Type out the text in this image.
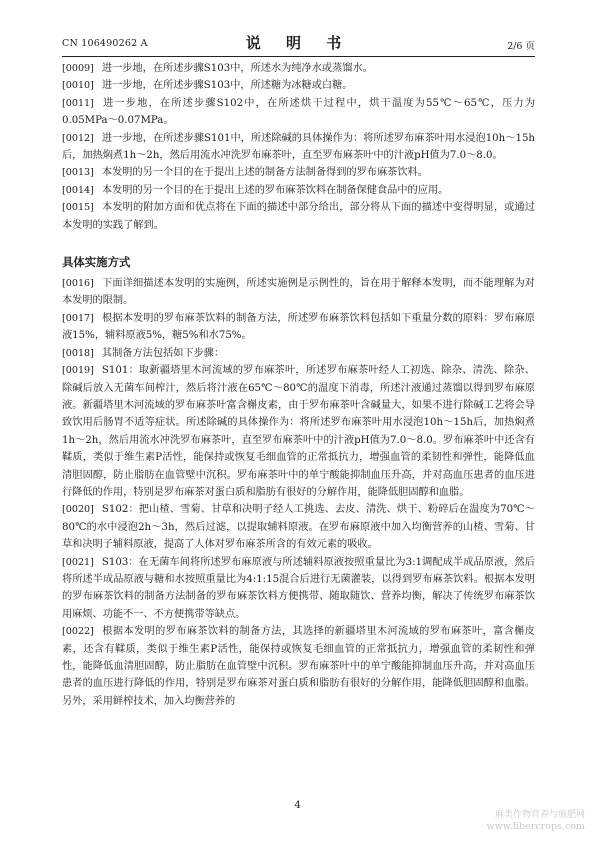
CN 106490262 A	说 明 书	2/6 页

[0009] 进一步地，在所述步骤S103中，所述水为纯净水或蒸馏水。

[0010] 进一步地，在所述步骤S103中，所述糖为冰糖或白糖。

[0011] 进一步地，在所述步骤S102中，在所述烘干过程中，烘干温度为55℃～65℃，压力为0.05MPa～0.07MPa。

[0012] 进一步地，在所述步骤S101中，所述除碱的具体操作为：将所述罗布麻茶叶用水浸泡10h～15h后，加热焖煮1h～2h，然后用流水冲洗罗布麻茶叶，直至罗布麻茶叶中的汁液pH值为7.0～8.0。

[0013] 本发明的另一个目的在于提出上述的制备方法制备得到的罗布麻茶饮料。

[0014] 本发明的另一个目的在于提出上述的罗布麻茶饮料在制备保健食品中的应用。

[0015] 本发明的附加方面和优点将在下面的描述中部分给出，部分将从下面的描述中变得明显，或通过本发明的实践了解到。

具体实施方式

[0016] 下面详细描述本发明的实施例，所述实施例是示例性的，旨在用于解释本发明，而不能理解为对本发明的限制。

[0017] 根据本发明的罗布麻茶饮料的制备方法，所述罗布麻茶饮料包括如下重量分数的原料：罗布麻原液15%，辅料原液5%，糖5%和水75%。

[0018] 其制备方法包括如下步骤：

[0019] S101：取新疆塔里木河流域的罗布麻茶叶，所述罗布麻茶叶经人工初选、除杂、清洗、除杂、除碱后放入无菌车间榨汁，然后将汁液在65℃～80℃的温度下消毒，所述汁液通过蒸馏以得到罗布麻原液。新疆塔里木河流域的罗布麻茶叶富含槲皮素，由于罗布麻茶叶含碱量大，如果不进行除碱工艺将会导致饮用后肠胃不适等症状。所述除碱的具体操作为：将所述罗布麻茶叶用水浸泡10h～15h后，加热焖煮1h～2h，然后用流水冲洗罗布麻茶叶，直至罗布麻茶叶中的汁液pH值为7.0～8.0。罗布麻茶叶中还含有鞣质，类似于维生素P活性，能保持或恢复毛细血管的正常抵抗力，增强血管的柔韧性和弹性，能降低血清胆固醇，防止脂肪在血管壁中沉积。罗布麻茶叶中的单宁酸能抑制血压升高，并对高血压患者的血压进行降低的作用，特别是罗布麻茶对蛋白质和脂肪有很好的分解作用，能降低胆固醇和血脂。

[0020] S102：把山楂、雪菊、甘草和决明子经人工挑选、去皮、清洗、烘干、粉碎后在温度为70℃～80℃的水中浸泡2h～3h，然后过滤，以提取辅料原液。在罗布麻原液中加入均衡营养的山楂、雪菊、甘草和决明子辅料原液，提高了人体对罗布麻茶所含的有效元素的吸收。

[0021] S103：在无菌车间将所述罗布麻原液与所述辅料原液按照重量比为3:1调配成半成品原液，然后将所述半成品原液与糖和水按照重量比为4:1:15混合后进行无菌灌装，以得到罗布麻茶饮料。根据本发明的罗布麻茶饮料的制备方法制备的罗布麻茶饮料方便携带、随取随饮、营养均衡，解决了传统罗布麻茶饮用麻烦、功能不一、不方便携带等缺点。

[0022] 根据本发明的罗布麻茶饮料的制备方法，其选择的新疆塔里木河流域的罗布麻茶叶，富含槲皮素，还含有鞣质，类似于维生素P活性，能保持或恢复毛细血管的正常抵抗力，增强血管的柔韧性和弹性，能降低血清胆固醇，防止脂肪在血管壁中沉积。罗布麻茶叶中的单宁酸能抑制血压升高，并对高血压患者的血压进行降低的作用，特别是罗布麻茶对蛋白质和脂肪有很好的分解作用，能降低胆固醇和血脂。另外，采用鲜榨技术，加入均衡营养的

4
麻类作物营养与施肥网
www.fibercrops.com
